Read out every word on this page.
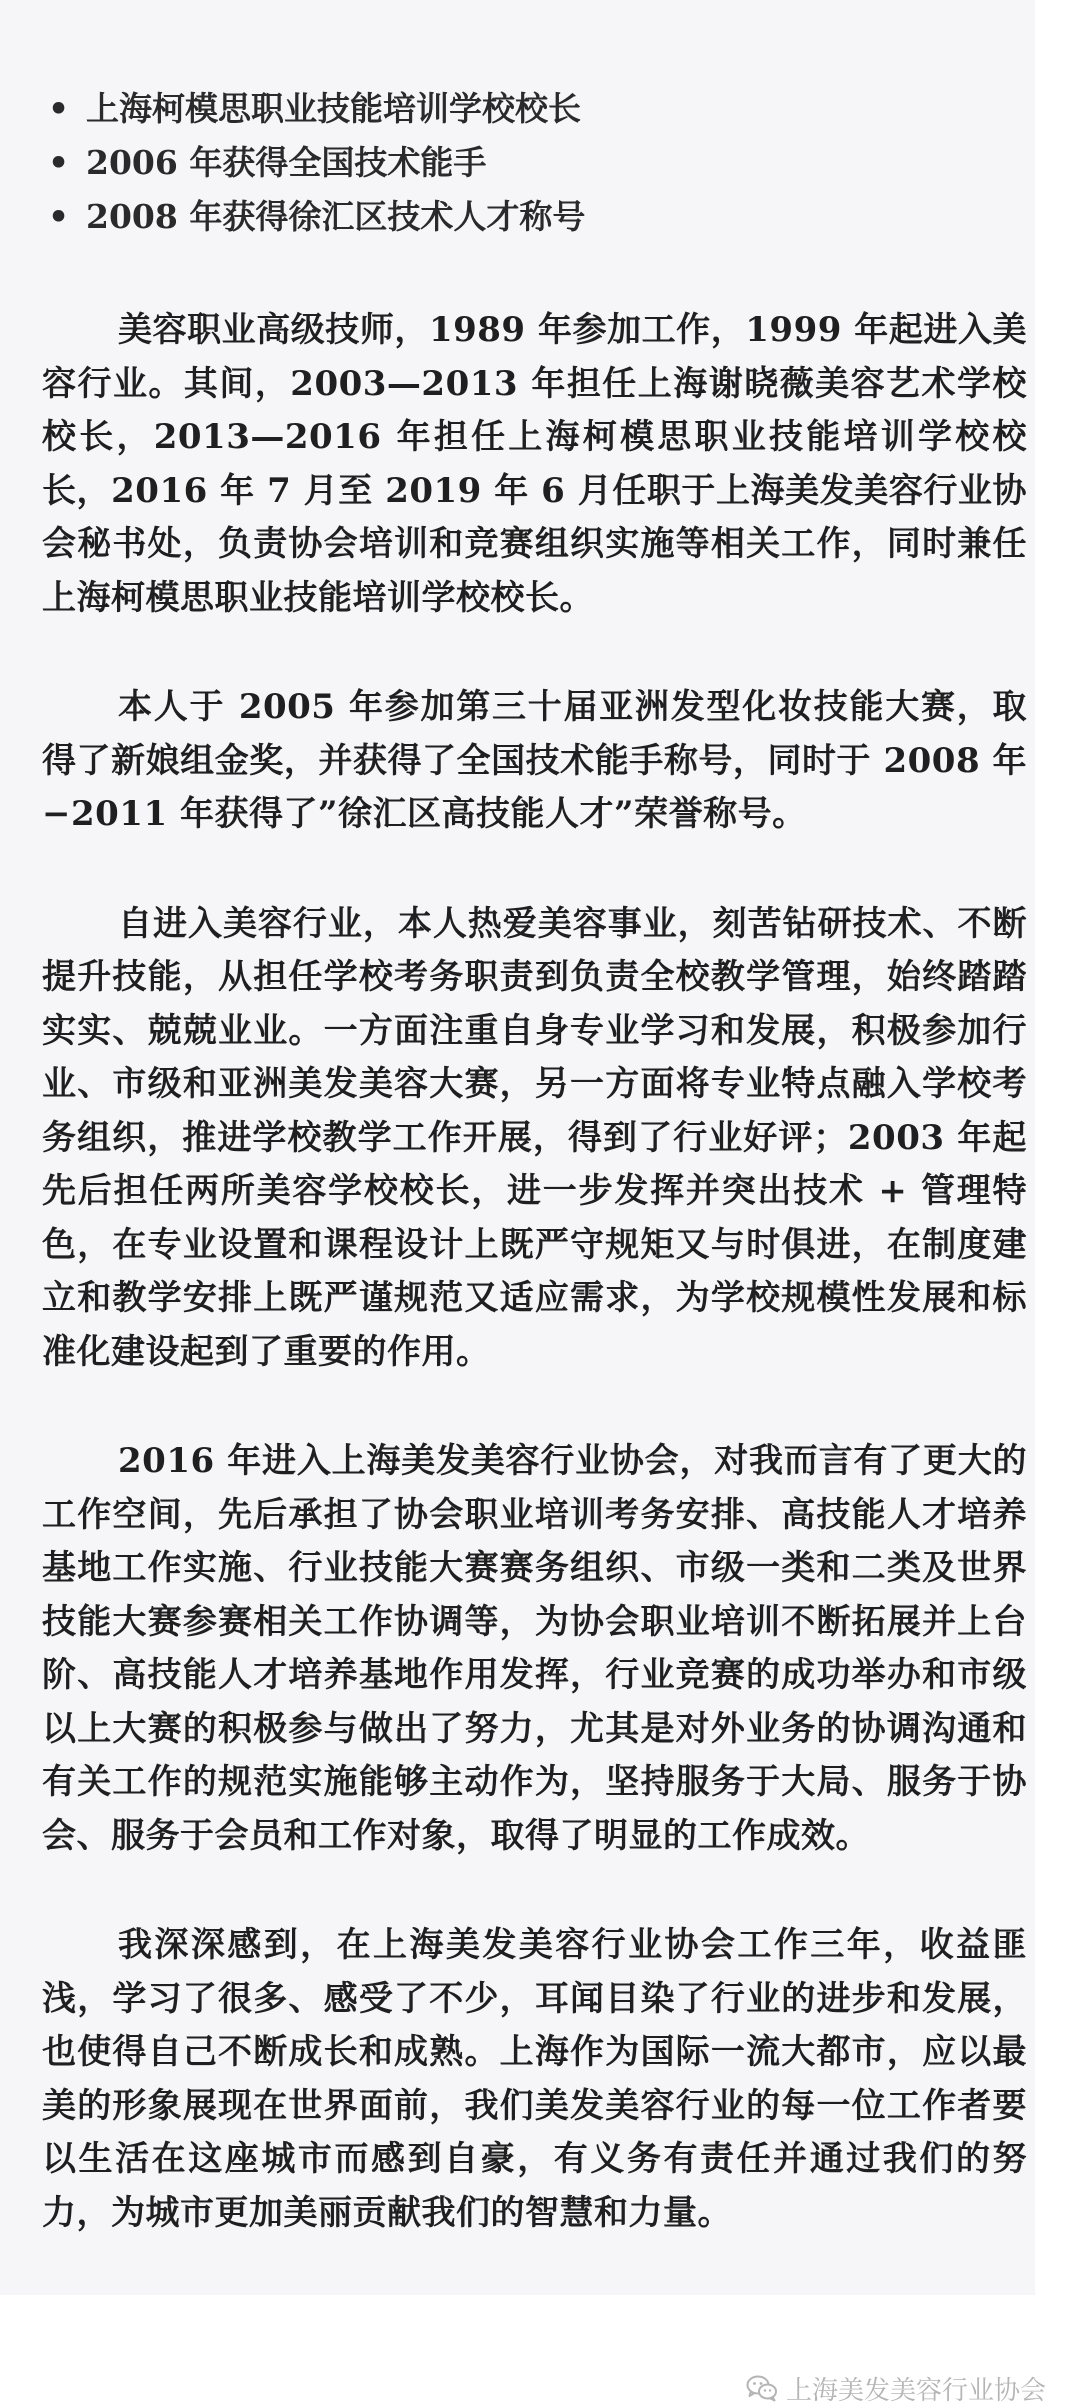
• 上海柯模思职业技能培训学校校长
• 2006 年获得全国技术能手
• 2008 年获得徐汇区技术人才称号

美容职业高级技师，1989 年参加工作，1999 年起进入美容行业。其间，2003—2013 年担任上海谢晓薇美容艺术学校校长，2013—2016 年担任上海柯模思职业技能培训学校校长，2016 年 7 月至 2019 年 6 月任职于上海美发美容行业协会秘书处，负责协会培训和竞赛组织实施等相关工作，同时兼任上海柯模思职业技能培训学校校长。

本人于 2005 年参加第三十届亚洲发型化妆技能大赛，取得了新娘组金奖，并获得了全国技术能手称号，同时于 2008 年 −2011 年获得了”徐汇区高技能人才”荣誉称号。

自进入美容行业，本人热爱美容事业，刻苦钻研技术、不断提升技能，从担任学校考务职责到负责全校教学管理，始终踏踏实实、兢兢业业。一方面注重自身专业学习和发展，积极参加行业、市级和亚洲美发美容大赛，另一方面将专业特点融入学校考务组织，推进学校教学工作开展，得到了行业好评；2003 年起先后担任两所美容学校校长，进一步发挥并突出技术 + 管理特色，在专业设置和课程设计上既严守规矩又与时俱进，在制度建立和教学安排上既严谨规范又适应需求，为学校规模性发展和标准化建设起到了重要的作用。

2016 年进入上海美发美容行业协会，对我而言有了更大的工作空间，先后承担了协会职业培训考务安排、高技能人才培养基地工作实施、行业技能大赛赛务组织、市级一类和二类及世界技能大赛参赛相关工作协调等，为协会职业培训不断拓展并上台阶、高技能人才培养基地作用发挥，行业竞赛的成功举办和市级以上大赛的积极参与做出了努力，尤其是对外业务的协调沟通和有关工作的规范实施能够主动作为，坚持服务于大局、服务于协会、服务于会员和工作对象，取得了明显的工作成效。

我深深感到，在上海美发美容行业协会工作三年，收益匪浅，学习了很多、感受了不少，耳闻目染了行业的进步和发展，也使得自己不断成长和成熟。上海作为国际一流大都市，应以最美的形象展现在世界面前，我们美发美容行业的每一位工作者要以生活在这座城市而感到自豪，有义务有责任并通过我们的努力，为城市更加美丽贡献我们的智慧和力量。

上海美发美容行业协会
